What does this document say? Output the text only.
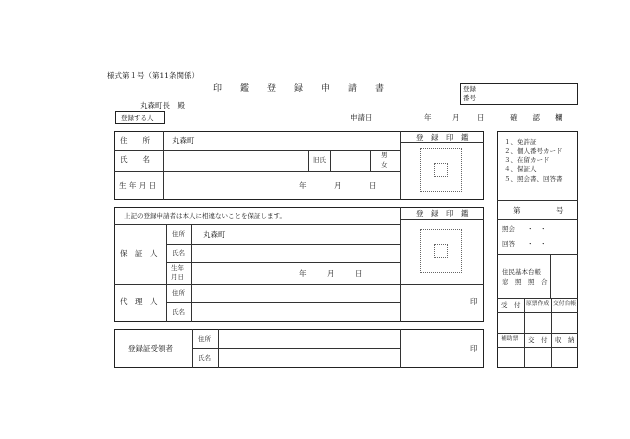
様式第１号（第11条関係）
印　　鑑　　登　　録　　申　　請　　書	登録
番号
丸森町長　殿
登録する人	申請日	年	月 日	確　　認　　欄
住　　所	丸森町
氏　　名	旧氏
男
女
生 年 月 日	年	月	日
登　録　印　鑑
上記の登録申請者は本人に相違ないことを保証します。	登　録　印　鑑
保　証　人
住所 丸森町
氏名
生年
月日	年	月	日
印
代　理　人
住所
氏名
登録証受領者
住所
氏名
印
１、免許証
２、個人番号カード
３、在留カード
４、保証人
５、照会書、回答書
第	号
照会 ・　・
回答 ・　・
住民基本台帳
窓　照　照　合
受　付 原票作成 交付台帳
補助票 交　付 収　納
